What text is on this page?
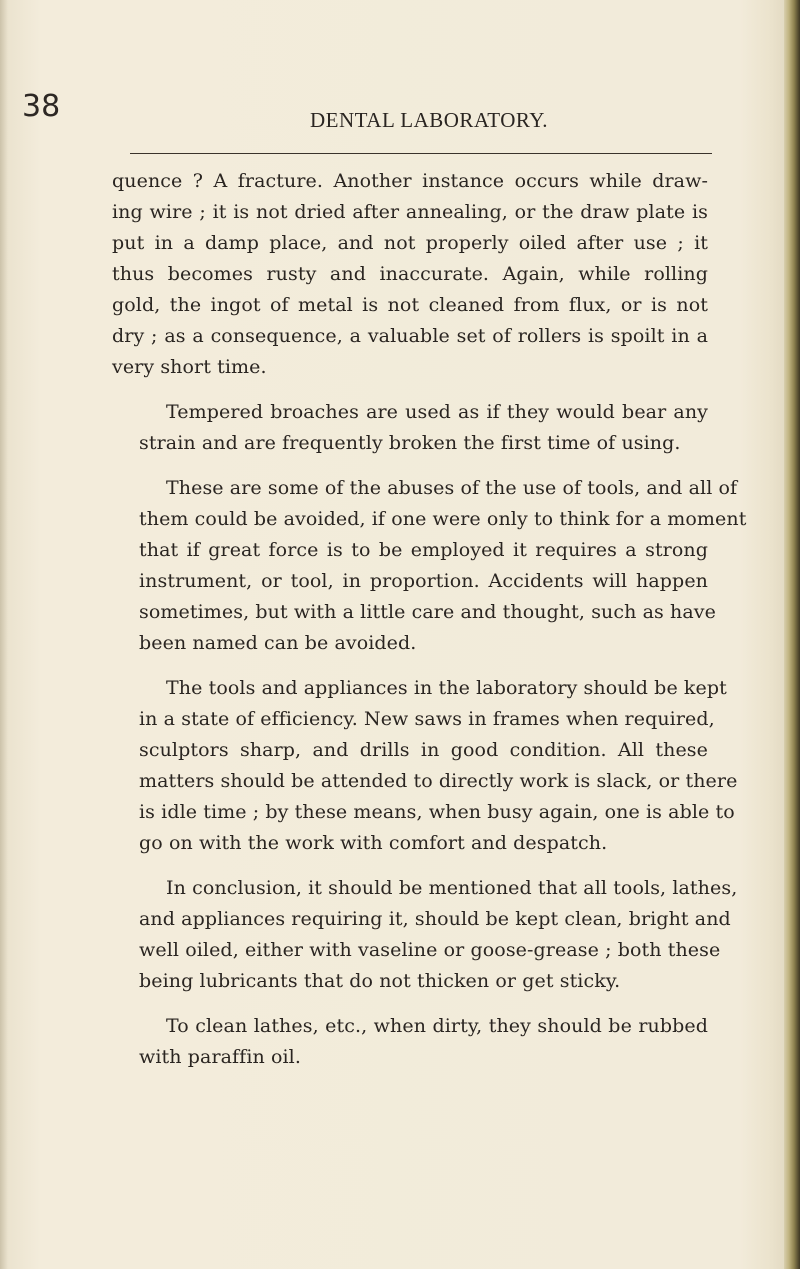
38	DENTAL LABORATORY.
quence ? A fracture. Another instance occurs while draw-
ing wire ; it is not dried after annealing, or the draw plate is
put in a damp place, and not properly oiled after use ; it
thus becomes rusty and inaccurate. Again, while rolling
gold, the ingot of metal is not cleaned from flux, or is not
dry ; as a consequence, a valuable set of rollers is spoilt in a
very short time.
Tempered broaches are used as if they would bear any
strain and are frequently broken the first time of using.
These are some of the abuses of the use of tools, and all of
them could be avoided, if one were only to think for a moment
that if great force is to be employed it requires a strong
instrument, or tool, in proportion. Accidents will happen
sometimes, but with a little care and thought, such as have
been named can be avoided.
The tools and appliances in the laboratory should be kept
in a state of efficiency. New saws in frames when required,
sculptors sharp, and drills in good condition. All these
matters should be attended to directly work is slack, or there
is idle time ; by these means, when busy again, one is able to
go on with the work with comfort and despatch.
In conclusion, it should be mentioned that all tools, lathes,
and appliances requiring it, should be kept clean, bright and
well oiled, either with vaseline or goose-grease ; both these
being lubricants that do not thicken or get sticky.
To clean lathes, etc., when dirty, they should be rubbed
with paraffin oil.
